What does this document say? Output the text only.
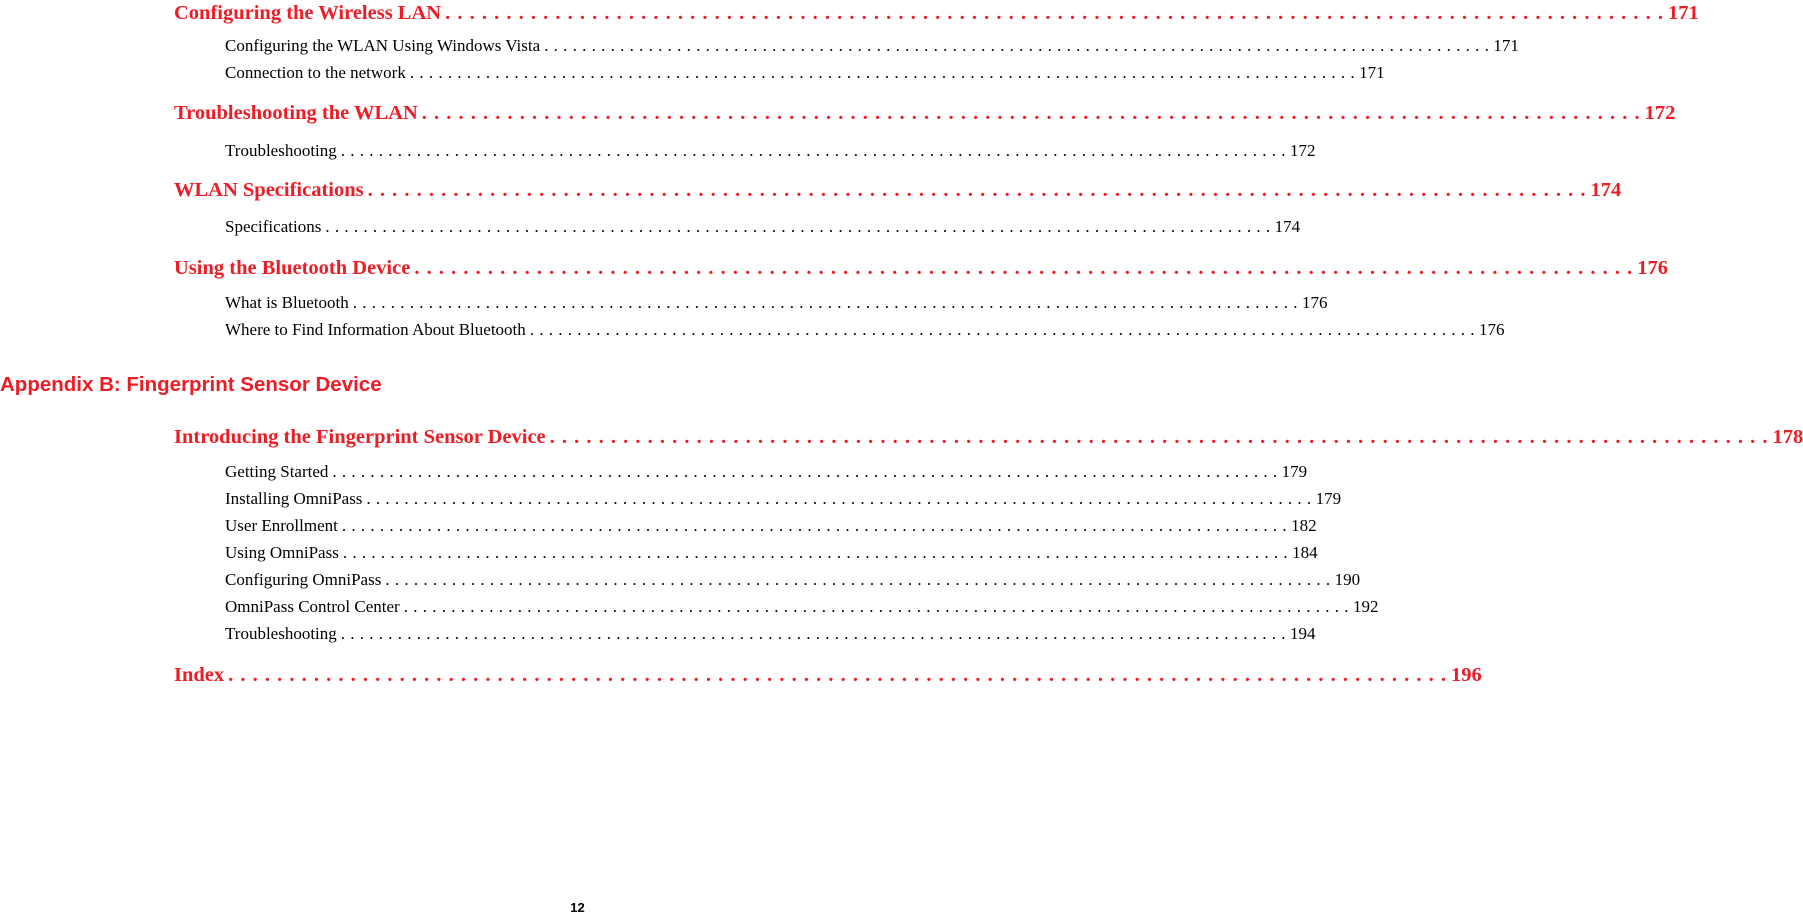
Configuring the Wireless LAN . . . . . . . . . . . . . . . . . . . . . . . . . . . . . . . . . . . . . . . . . . . . . . . . . . . . . . . . . . . . . . . . . . . . . . . . . . . . . . . . . . . . . . . . . . . . . . . . . . . . 171
Configuring the WLAN Using Windows Vista . . . . . . . . . . . . . . . . . . . . . . . . . . . . . . . . . . . . . . . . . . . . . . . . . . . . . . . . . . . . . . . . . . . . . . . . . . . . . . . . . . . . . . . . . . . . . . . . . . . . 171
Connection to the network . . . . . . . . . . . . . . . . . . . . . . . . . . . . . . . . . . . . . . . . . . . . . . . . . . . . . . . . . . . . . . . . . . . . . . . . . . . . . . . . . . . . . . . . . . . . . . . . . . . . 171
Troubleshooting the WLAN . . . . . . . . . . . . . . . . . . . . . . . . . . . . . . . . . . . . . . . . . . . . . . . . . . . . . . . . . . . . . . . . . . . . . . . . . . . . . . . . . . . . . . . . . . . . . . . . . . . . 172
Troubleshooting . . . . . . . . . . . . . . . . . . . . . . . . . . . . . . . . . . . . . . . . . . . . . . . . . . . . . . . . . . . . . . . . . . . . . . . . . . . . . . . . . . . . . . . . . . . . . . . . . . . . 172
WLAN Specifications . . . . . . . . . . . . . . . . . . . . . . . . . . . . . . . . . . . . . . . . . . . . . . . . . . . . . . . . . . . . . . . . . . . . . . . . . . . . . . . . . . . . . . . . . . . . . . . . . . . . 174
Specifications . . . . . . . . . . . . . . . . . . . . . . . . . . . . . . . . . . . . . . . . . . . . . . . . . . . . . . . . . . . . . . . . . . . . . . . . . . . . . . . . . . . . . . . . . . . . . . . . . . . . 174
Using the Bluetooth Device . . . . . . . . . . . . . . . . . . . . . . . . . . . . . . . . . . . . . . . . . . . . . . . . . . . . . . . . . . . . . . . . . . . . . . . . . . . . . . . . . . . . . . . . . . . . . . . . . . . . 176
What is Bluetooth . . . . . . . . . . . . . . . . . . . . . . . . . . . . . . . . . . . . . . . . . . . . . . . . . . . . . . . . . . . . . . . . . . . . . . . . . . . . . . . . . . . . . . . . . . . . . . . . . . . . 176
Where to Find Information About Bluetooth . . . . . . . . . . . . . . . . . . . . . . . . . . . . . . . . . . . . . . . . . . . . . . . . . . . . . . . . . . . . . . . . . . . . . . . . . . . . . . . . . . . . . . . . . . . . . . . . . . . . 176
Appendix B: Fingerprint Sensor Device
Introducing the Fingerprint Sensor Device . . . . . . . . . . . . . . . . . . . . . . . . . . . . . . . . . . . . . . . . . . . . . . . . . . . . . . . . . . . . . . . . . . . . . . . . . . . . . . . . . . . . . . . . . . . . . . . . . . . . 178
Getting Started . . . . . . . . . . . . . . . . . . . . . . . . . . . . . . . . . . . . . . . . . . . . . . . . . . . . . . . . . . . . . . . . . . . . . . . . . . . . . . . . . . . . . . . . . . . . . . . . . . . . 179
Installing OmniPass . . . . . . . . . . . . . . . . . . . . . . . . . . . . . . . . . . . . . . . . . . . . . . . . . . . . . . . . . . . . . . . . . . . . . . . . . . . . . . . . . . . . . . . . . . . . . . . . . . . . 179
User Enrollment . . . . . . . . . . . . . . . . . . . . . . . . . . . . . . . . . . . . . . . . . . . . . . . . . . . . . . . . . . . . . . . . . . . . . . . . . . . . . . . . . . . . . . . . . . . . . . . . . . . . 182
Using OmniPass . . . . . . . . . . . . . . . . . . . . . . . . . . . . . . . . . . . . . . . . . . . . . . . . . . . . . . . . . . . . . . . . . . . . . . . . . . . . . . . . . . . . . . . . . . . . . . . . . . . . 184
Configuring OmniPass . . . . . . . . . . . . . . . . . . . . . . . . . . . . . . . . . . . . . . . . . . . . . . . . . . . . . . . . . . . . . . . . . . . . . . . . . . . . . . . . . . . . . . . . . . . . . . . . . . . . 190
OmniPass Control Center . . . . . . . . . . . . . . . . . . . . . . . . . . . . . . . . . . . . . . . . . . . . . . . . . . . . . . . . . . . . . . . . . . . . . . . . . . . . . . . . . . . . . . . . . . . . . . . . . . . . 192
Troubleshooting . . . . . . . . . . . . . . . . . . . . . . . . . . . . . . . . . . . . . . . . . . . . . . . . . . . . . . . . . . . . . . . . . . . . . . . . . . . . . . . . . . . . . . . . . . . . . . . . . . . . 194
Index . . . . . . . . . . . . . . . . . . . . . . . . . . . . . . . . . . . . . . . . . . . . . . . . . . . . . . . . . . . . . . . . . . . . . . . . . . . . . . . . . . . . . . . . . . . . . . . . . . . . 196
12
